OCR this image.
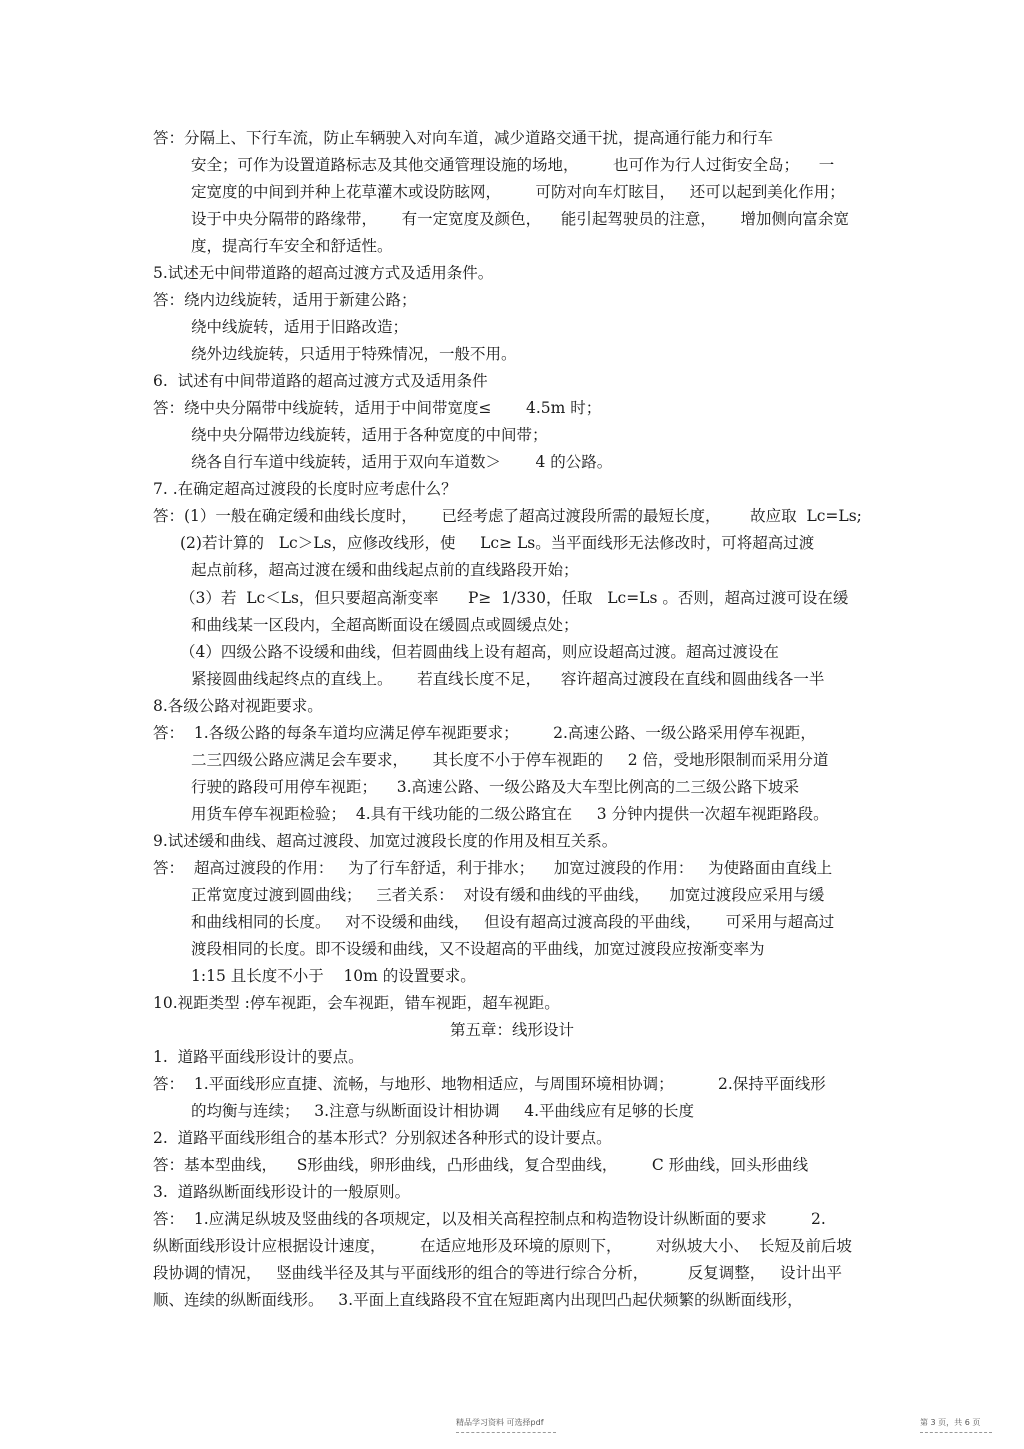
答：分隔上、下行车流，防止车辆驶入对向车道，减少道路交通干扰，提高通行能力和行车
安全；可作为设置道路标志及其他交通管理设施的场地，       也可作为行人过街安全岛；    一
定宽度的中间到并种上花草灌木或设防眩网，       可防对向车灯眩目，   还可以起到美化作用；
设于中央分隔带的路缘带，     有一定宽度及颜色，    能引起驾驶员的注意，     增加侧向富余宽
度，提高行车安全和舒适性。
5.试述无中间带道路的超高过渡方式及适用条件。
答：绕内边线旋转，适用于新建公路；
绕中线旋转，适用于旧路改造；
绕外边线旋转，只适用于特殊情况，一般不用。
6.  试述有中间带道路的超高过渡方式及适用条件
答：绕中央分隔带中线旋转，适用于中间带宽度≤       4.5m 时；
绕中央分隔带边线旋转，适用于各种宽度的中间带；
绕各自行车道中线旋转，适用于双向车道数＞       4 的公路。
7. .在确定超高过渡段的长度时应考虑什么？
答：(1）一般在确定缓和曲线长度时，     已经考虑了超高过渡段所需的最短长度，      故应取  Lc=Ls;
(2)若计算的   Lc＞Ls，应修改线形，使     Lc≥ Ls。当平面线形无法修改时，可将超高过渡
起点前移，超高过渡在缓和曲线起点前的直线路段开始；
（3）若  Lc＜Ls，但只要超高渐变率      P≥  1/330，任取   Lc=Ls 。否则，超高过渡可设在缓
和曲线某一区段内，全超高断面设在缓圆点或圆缓点处；
（4）四级公路不设缓和曲线，但若圆曲线上设有超高，则应设超高过渡。超高过渡设在
紧接圆曲线起终点的直线上。     若直线长度不足，    容许超高过渡段在直线和圆曲线各一半
8.各级公路对视距要求。
答：  1.各级公路的每条车道均应满足停车视距要求；       2.高速公路、一级公路采用停车视距，
二三四级公路应满足会车要求，     其长度不小于停车视距的     2 倍，受地形限制而采用分道
行驶的路段可用停车视距；    3.高速公路、一级公路及大车型比例高的二三级公路下坡采
用货车停车视距检验；  4.具有干线功能的二级公路宜在     3 分钟内提供一次超车视距路段。
9.试述缓和曲线、超高过渡段、加宽过渡段长度的作用及相互关系。
答：  超高过渡段的作用：   为了行车舒适，利于排水；    加宽过渡段的作用：   为使路面由直线上
正常宽度过渡到圆曲线；   三者关系：  对设有缓和曲线的平曲线，    加宽过渡段应采用与缓
和曲线相同的长度。   对不设缓和曲线，   但设有超高过渡高段的平曲线，     可采用与超高过
渡段相同的长度。即不设缓和曲线，又不设超高的平曲线，加宽过渡段应按渐变率为
1:15 且长度不小于    10m 的设置要求。
10.视距类型 :停车视距，会车视距，错车视距，超车视距。
第五章：线形设计
1.  道路平面线形设计的要点。
答：  1.平面线形应直捷、流畅，与地形、地物相适应，与周围环境相协调；         2.保持平面线形
的均衡与连续；   3.注意与纵断面设计相协调     4.平曲线应有足够的长度
2.  道路平面线形组合的基本形式？分别叙述各种形式的设计要点。
答：基本型曲线，    S形曲线，卵形曲线，凸形曲线，复合型曲线，       C 形曲线，回头形曲线
3.  道路纵断面线形设计的一般原则。
答：  1.应满足纵坡及竖曲线的各项规定，以及相关高程控制点和构造物设计纵断面的要求         2.
纵断面线形设计应根据设计速度，       在适应地形及环境的原则下，       对纵坡大小、  长短及前后坡
段协调的情况，   竖曲线半径及其与平面线形的组合的等进行综合分析，        反复调整，   设计出平
顺、连续的纵断面线形。   3.平面上直线路段不宜在短距离内出现凹凸起伏频繁的纵断面线形，
精品学习资料 可选择pdf	第 3 页，共 6 页
